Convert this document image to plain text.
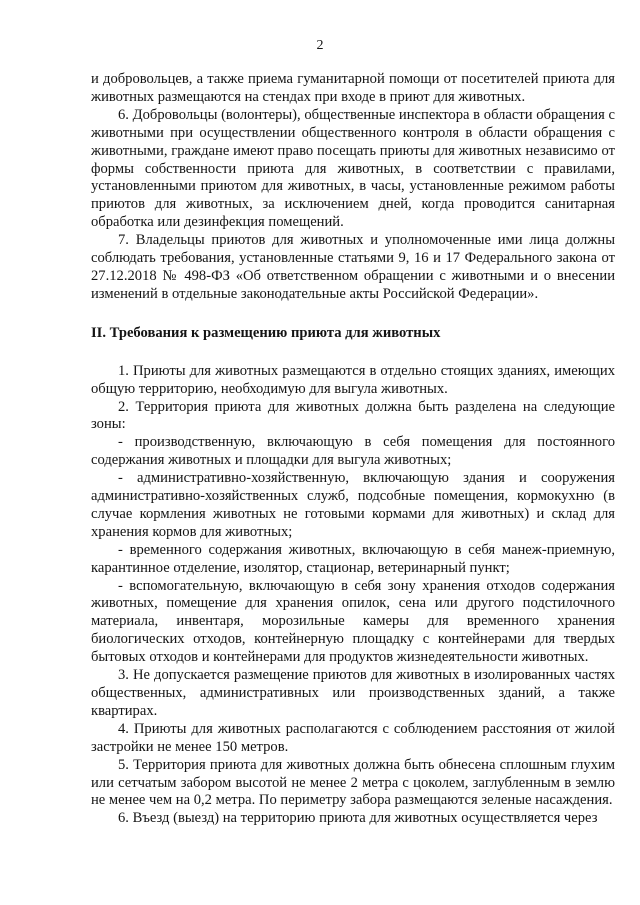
2

и добровольцев, а также приема гуманитарной помощи от посетителей приюта для животных размещаются на стендах при входе в приют для животных.

6. Добровольцы (волонтеры), общественные инспектора в области обращения с животными при осуществлении общественного контроля в области обращения с животными, граждане имеют право посещать приюты для животных независимо от формы собственности приюта для животных, в соответствии с правилами, установленными приютом для животных, в часы, установленные режимом работы приютов для животных, за исключением дней, когда проводится санитарная обработка или дезинфекция помещений.

7. Владельцы приютов для животных и уполномоченные ими лица должны соблюдать требования, установленные статьями 9, 16 и 17 Федерального закона от 27.12.2018 № 498-ФЗ «Об ответственном обращении с животными и о внесении изменений в отдельные законодательные акты Российской Федерации».

II. Требования к размещению приюта для животных

1. Приюты для животных размещаются в отдельно стоящих зданиях, имеющих общую территорию, необходимую для выгула животных.

2. Территория приюта для животных должна быть разделена на следующие зоны:

- производственную, включающую в себя помещения для постоянного содержания животных и площадки для выгула животных;

- административно-хозяйственную, включающую здания и сооружения административно-хозяйственных служб, подсобные помещения, кормокухню (в случае кормления животных не готовыми кормами для животных) и склад для хранения кормов для животных;

- временного содержания животных, включающую в себя манеж-приемную, карантинное отделение, изолятор, стационар, ветеринарный пункт;

- вспомогательную, включающую в себя зону хранения отходов содержания животных, помещение для хранения опилок, сена или другого подстилочного материала, инвентаря, морозильные камеры для временного хранения биологических отходов, контейнерную площадку с контейнерами для твердых бытовых отходов и контейнерами для продуктов жизнедеятельности животных.

3. Не допускается размещение приютов для животных в изолированных частях общественных, административных или производственных зданий, а также квартирах.

4. Приюты для животных располагаются с соблюдением расстояния от жилой застройки не менее 150 метров.

5. Территория приюта для животных должна быть обнесена сплошным глухим или сетчатым забором высотой не менее 2 метра с цоколем, заглубленным в землю не менее чем на 0,2 метра. По периметру забора размещаются зеленые насаждения.

6. Въезд (выезд) на территорию приюта для животных осуществляется через
